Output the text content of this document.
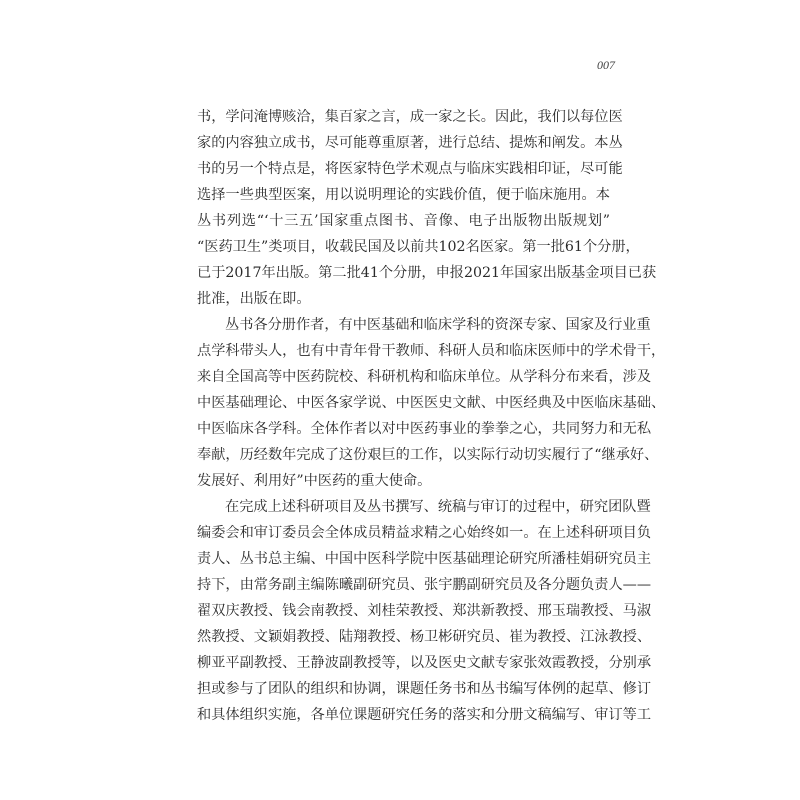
007
书，学问淹博赅洽，集百家之言，成一家之长。因此，我们以每位医
家的内容独立成书，尽可能尊重原著，进行总结、提炼和阐发。本丛
书的另一个特点是，将医家特色学术观点与临床实践相印证，尽可能
选择一些典型医案，用以说明理论的实践价值，便于临床施用。本
丛书列选“‘十三五’国家重点图书、音像、电子出版物出版规划”
“医药卫生”类项目，收载民国及以前共102名医家。第一批61个分册，
已于2017年出版。第二批41个分册，申报2021年国家出版基金项目已获
批准，出版在即。
丛书各分册作者，有中医基础和临床学科的资深专家、国家及行业重
点学科带头人，也有中青年骨干教师、科研人员和临床医师中的学术骨干，
来自全国高等中医药院校、科研机构和临床单位。从学科分布来看，涉及
中医基础理论、中医各家学说、中医医史文献、中医经典及中医临床基础、
中医临床各学科。全体作者以对中医药事业的拳拳之心，共同努力和无私
奉献，历经数年完成了这份艰巨的工作，以实际行动切实履行了“继承好、
发展好、利用好”中医药的重大使命。
在完成上述科研项目及丛书撰写、统稿与审订的过程中，研究团队暨
编委会和审订委员会全体成员精益求精之心始终如一。在上述科研项目负
责人、丛书总主编、中国中医科学院中医基础理论研究所潘桂娟研究员主
持下，由常务副主编陈曦副研究员、张宇鹏副研究员及各分题负责人——
翟双庆教授、钱会南教授、刘桂荣教授、郑洪新教授、邢玉瑞教授、马淑
然教授、文颖娟教授、陆翔教授、杨卫彬研究员、崔为教授、江泳教授、
柳亚平副教授、王静波副教授等，以及医史文献专家张效霞教授，分别承
担或参与了团队的组织和协调，课题任务书和丛书编写体例的起草、修订
和具体组织实施，各单位课题研究任务的落实和分册文稿编写、审订等工
